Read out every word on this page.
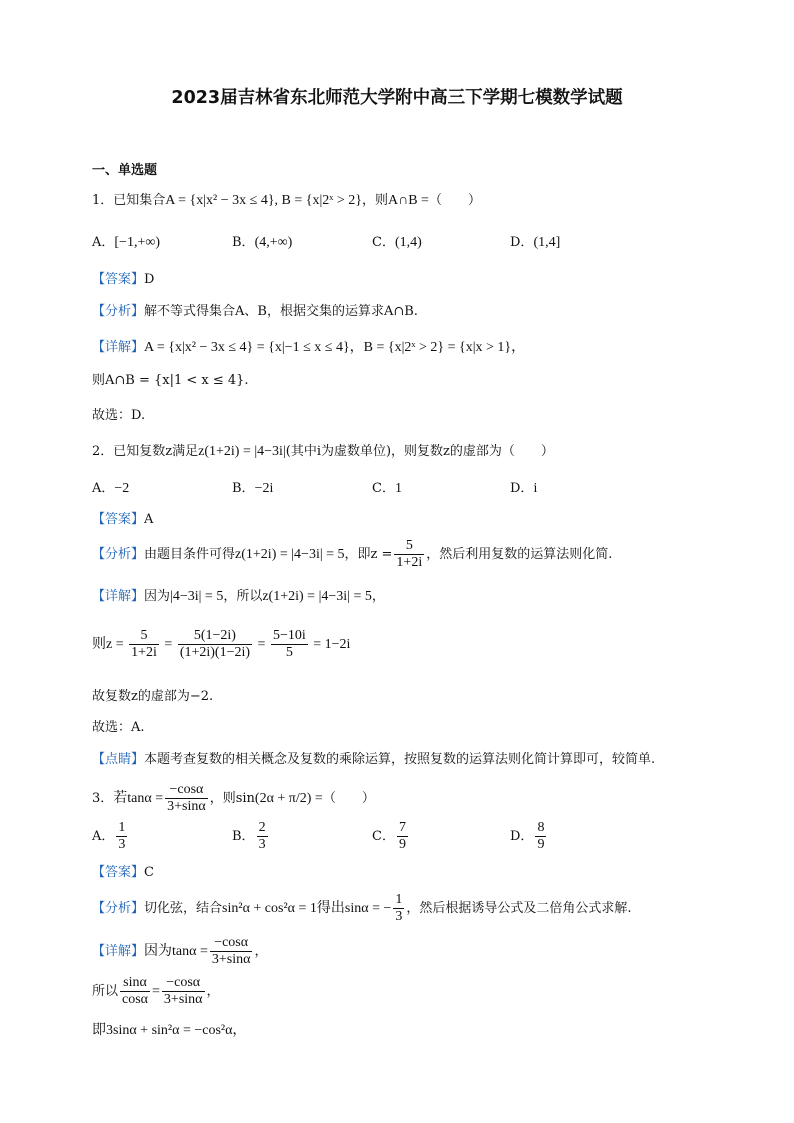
2023届吉林省东北师范大学附中高三下学期七模数学试题
一、单选题
1．已知集合A = {x|x² − 3x ≤ 4}, B = {x|2ˣ > 2}，则A∩B =（　　）
A．[−1,+∞)	B．(4,+∞)	C．(1,4)	D．(1,4]
【答案】D
【分析】解不等式得集合A、B，根据交集的运算求A∩B.
【详解】A = {x|x² − 3x ≤ 4} = {x|−1 ≤ x ≤ 4}，B = {x|2ˣ > 2} = {x|x > 1}，
则A∩B = {x|1 < x ≤ 4}.
故选：D.
2．已知复数z满足z(1+2i) = |4−3i|(其中i为虚数单位)，则复数z的虚部为（　　）
A．−2	B．−2i	C．1	D．i
【答案】A
【分析】由题目条件可得z(1+2i) = |4−3i| = 5，即$z = \frac{5}{1+2i}$ ，然后利用复数的运算法则化简.
【详解】因为|4−3i| = 5，所以z(1+2i) = |4−3i| = 5，
则$z = \frac{5}{1+2i} = \frac{5(1-2i)}{(1+2i)(1-2i)} = \frac{5-10i}{5} = 1-2i$
故复数z的虚部为−2.
故选：A.
【点睛】本题考查复数的相关概念及复数的乘除运算，按照复数的运算法则化简计算即可，较简单.
3．若$\tan\alpha = \frac{-\cos\alpha}{3+\sin\alpha}$ ，则sin(2α + π/2) =（　　）
A． $\frac{1}{3}$	B． $\frac{2}{3}$	C． $\frac{7}{9}$	D． $\frac{8}{9}$
【答案】C
【分析】切化弦，结合sin²α + cos²α = 1得出sinα = − $\frac{1}{3}$ ，然后根据诱导公式及二倍角公式求解.
【详解】因为$\tan\alpha = \frac{-\cos\alpha}{3+\sin\alpha}$ ，
所以 $\frac{\sin\alpha}{\cos\alpha} = \frac{-\cos\alpha}{3+\sin\alpha}$ ，
即3sinα + sin²α = −cos²α，
